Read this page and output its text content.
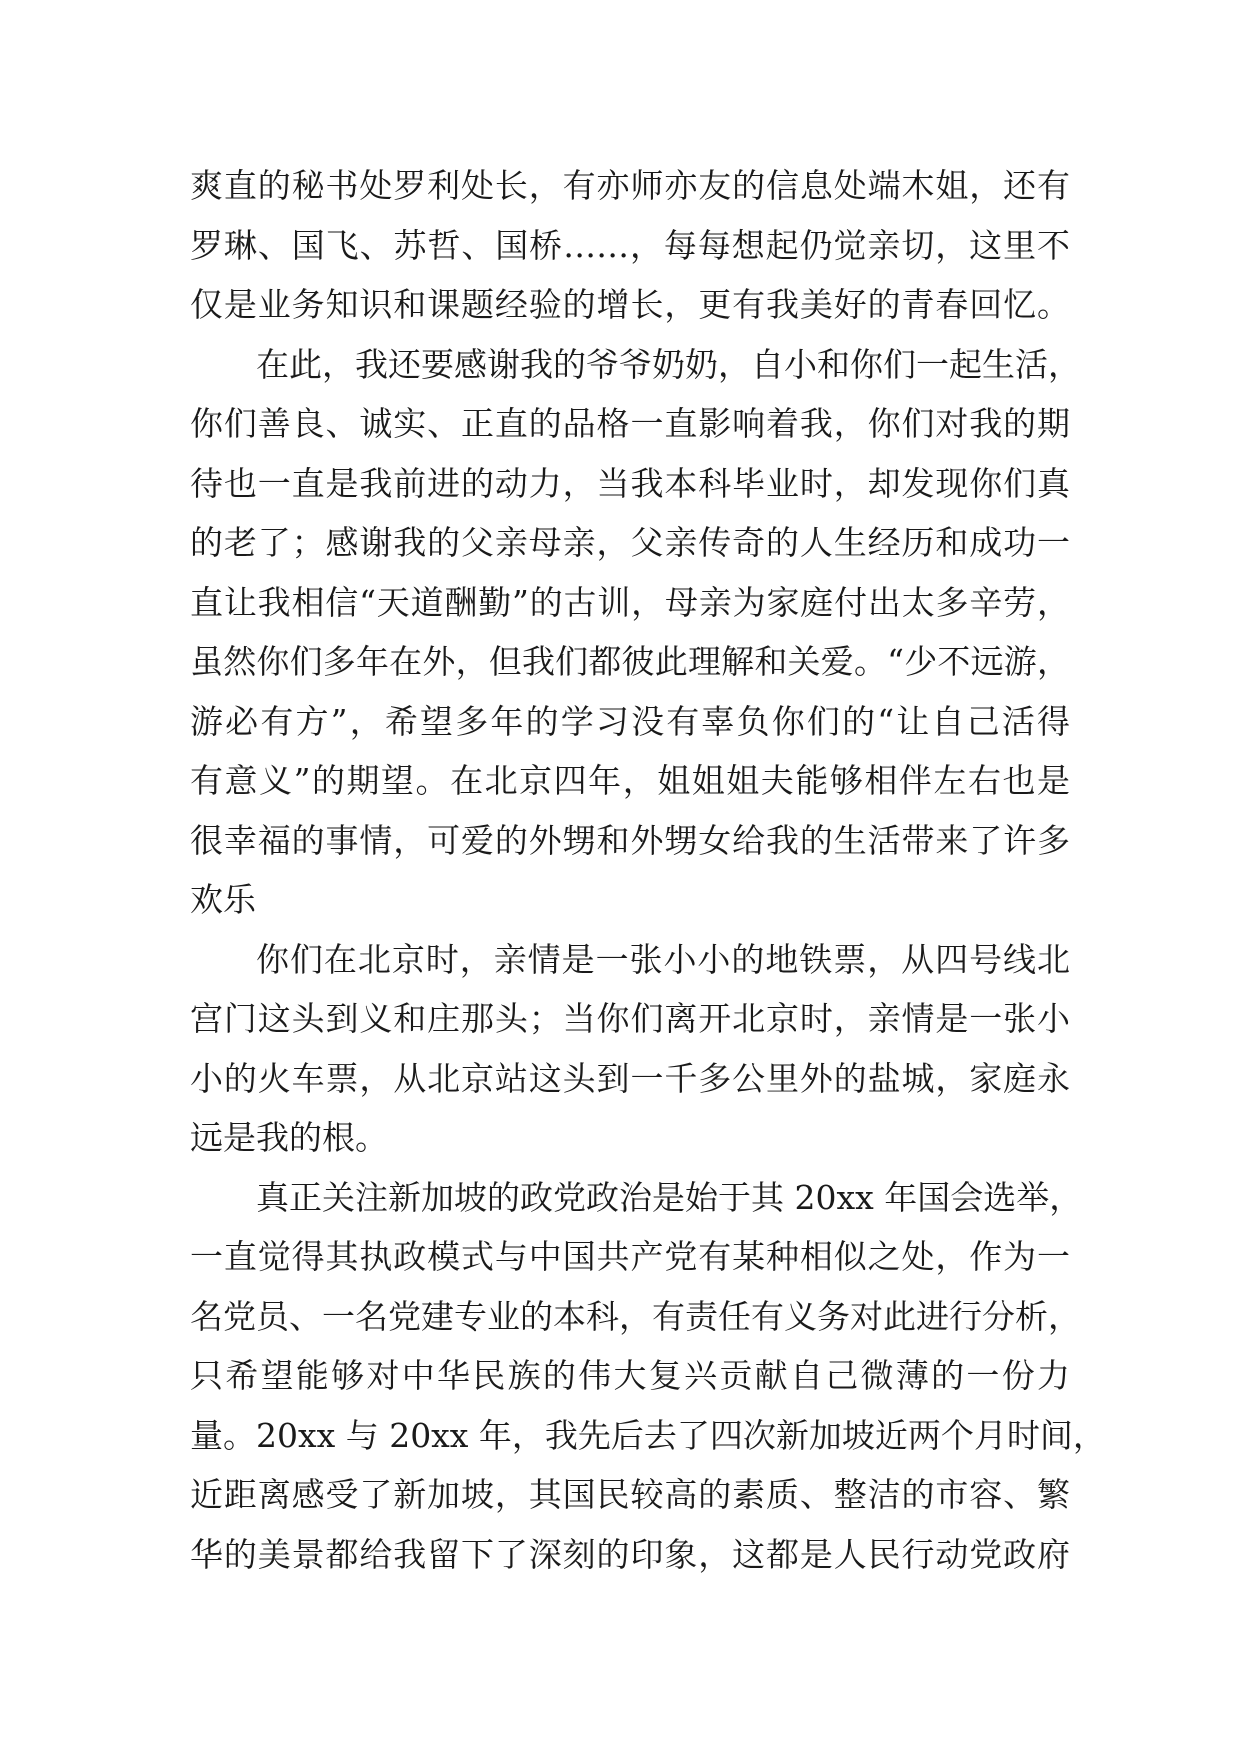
爽直的秘书处罗利处长，有亦师亦友的信息处端木姐，还有
罗琳、国飞、苏哲、国桥……，每每想起仍觉亲切，这里不
仅是业务知识和课题经验的增长，更有我美好的青春回忆。
在此，我还要感谢我的爷爷奶奶，自小和你们一起生活，
你们善良、诚实、正直的品格一直影响着我，你们对我的期
待也一直是我前进的动力，当我本科毕业时，却发现你们真
的老了；感谢我的父亲母亲，父亲传奇的人生经历和成功一
直让我相信“天道酬勤”的古训，母亲为家庭付出太多辛劳，
虽然你们多年在外，但我们都彼此理解和关爱。“少不远游，
游必有方”，希望多年的学习没有辜负你们的“让自己活得
有意义”的期望。在北京四年，姐姐姐夫能够相伴左右也是
很幸福的事情，可爱的外甥和外甥女给我的生活带来了许多
欢乐
你们在北京时，亲情是一张小小的地铁票，从四号线北
宫门这头到义和庄那头；当你们离开北京时，亲情是一张小
小的火车票，从北京站这头到一千多公里外的盐城，家庭永
远是我的根。
真正关注新加坡的政党政治是始于其 20xx 年国会选举，
一直觉得其执政模式与中国共产党有某种相似之处，作为一
名党员、一名党建专业的本科，有责任有义务对此进行分析，
只希望能够对中华民族的伟大复兴贡献自己微薄的一份力
量。20xx 与 20xx 年，我先后去了四次新加坡近两个月时间，
近距离感受了新加坡，其国民较高的素质、整洁的市容、繁
华的美景都给我留下了深刻的印象，这都是人民行动党政府
